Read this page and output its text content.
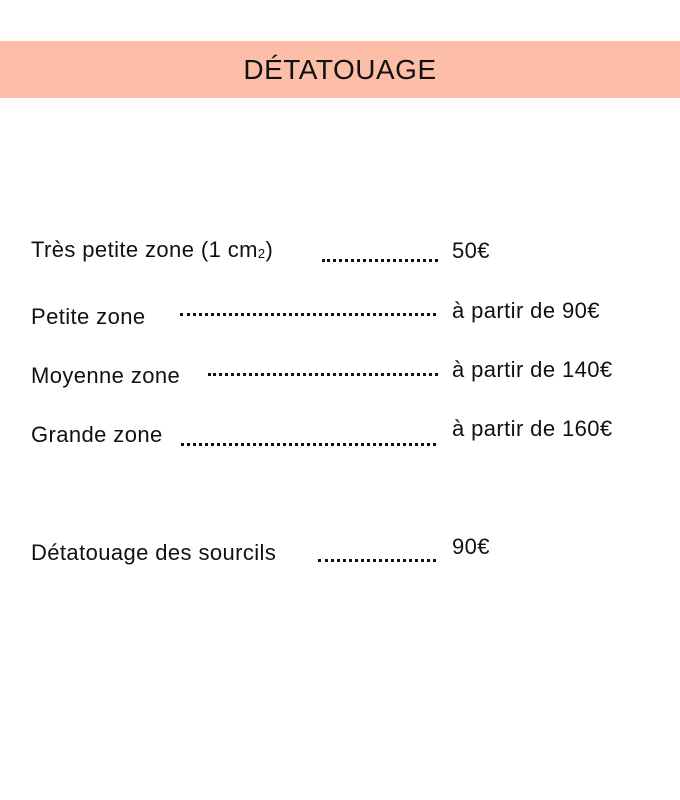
DÉTATOUAGE
Très petite zone (1 $cm_2$)	50€
Petite zone	à partir de 90€
Moyenne zone	à partir de 140€
Grande zone	à partir de 160€
Détatouage des sourcils	90€
